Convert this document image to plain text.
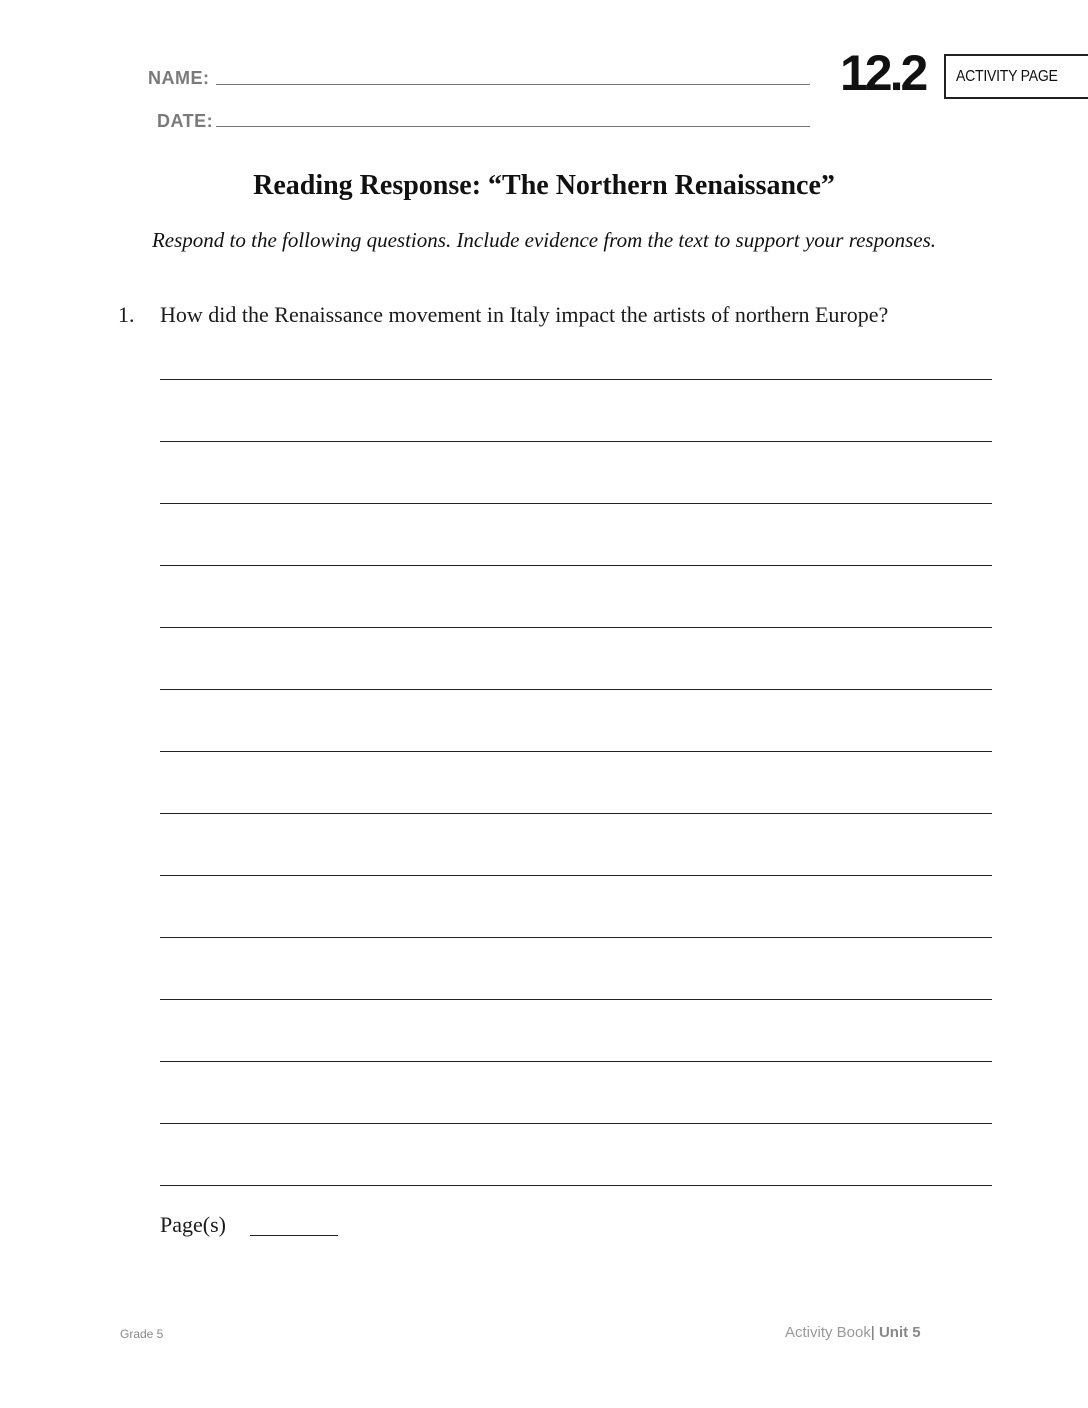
NAME:
DATE:
12.2 ACTIVITY PAGE
Reading Response: “The Northern Renaissance”
Respond to the following questions. Include evidence from the text to support your responses.
1. How did the Renaissance movement in Italy impact the artists of northern Europe?
Page(s)
Grade 5	Activity Book| Unit 5
